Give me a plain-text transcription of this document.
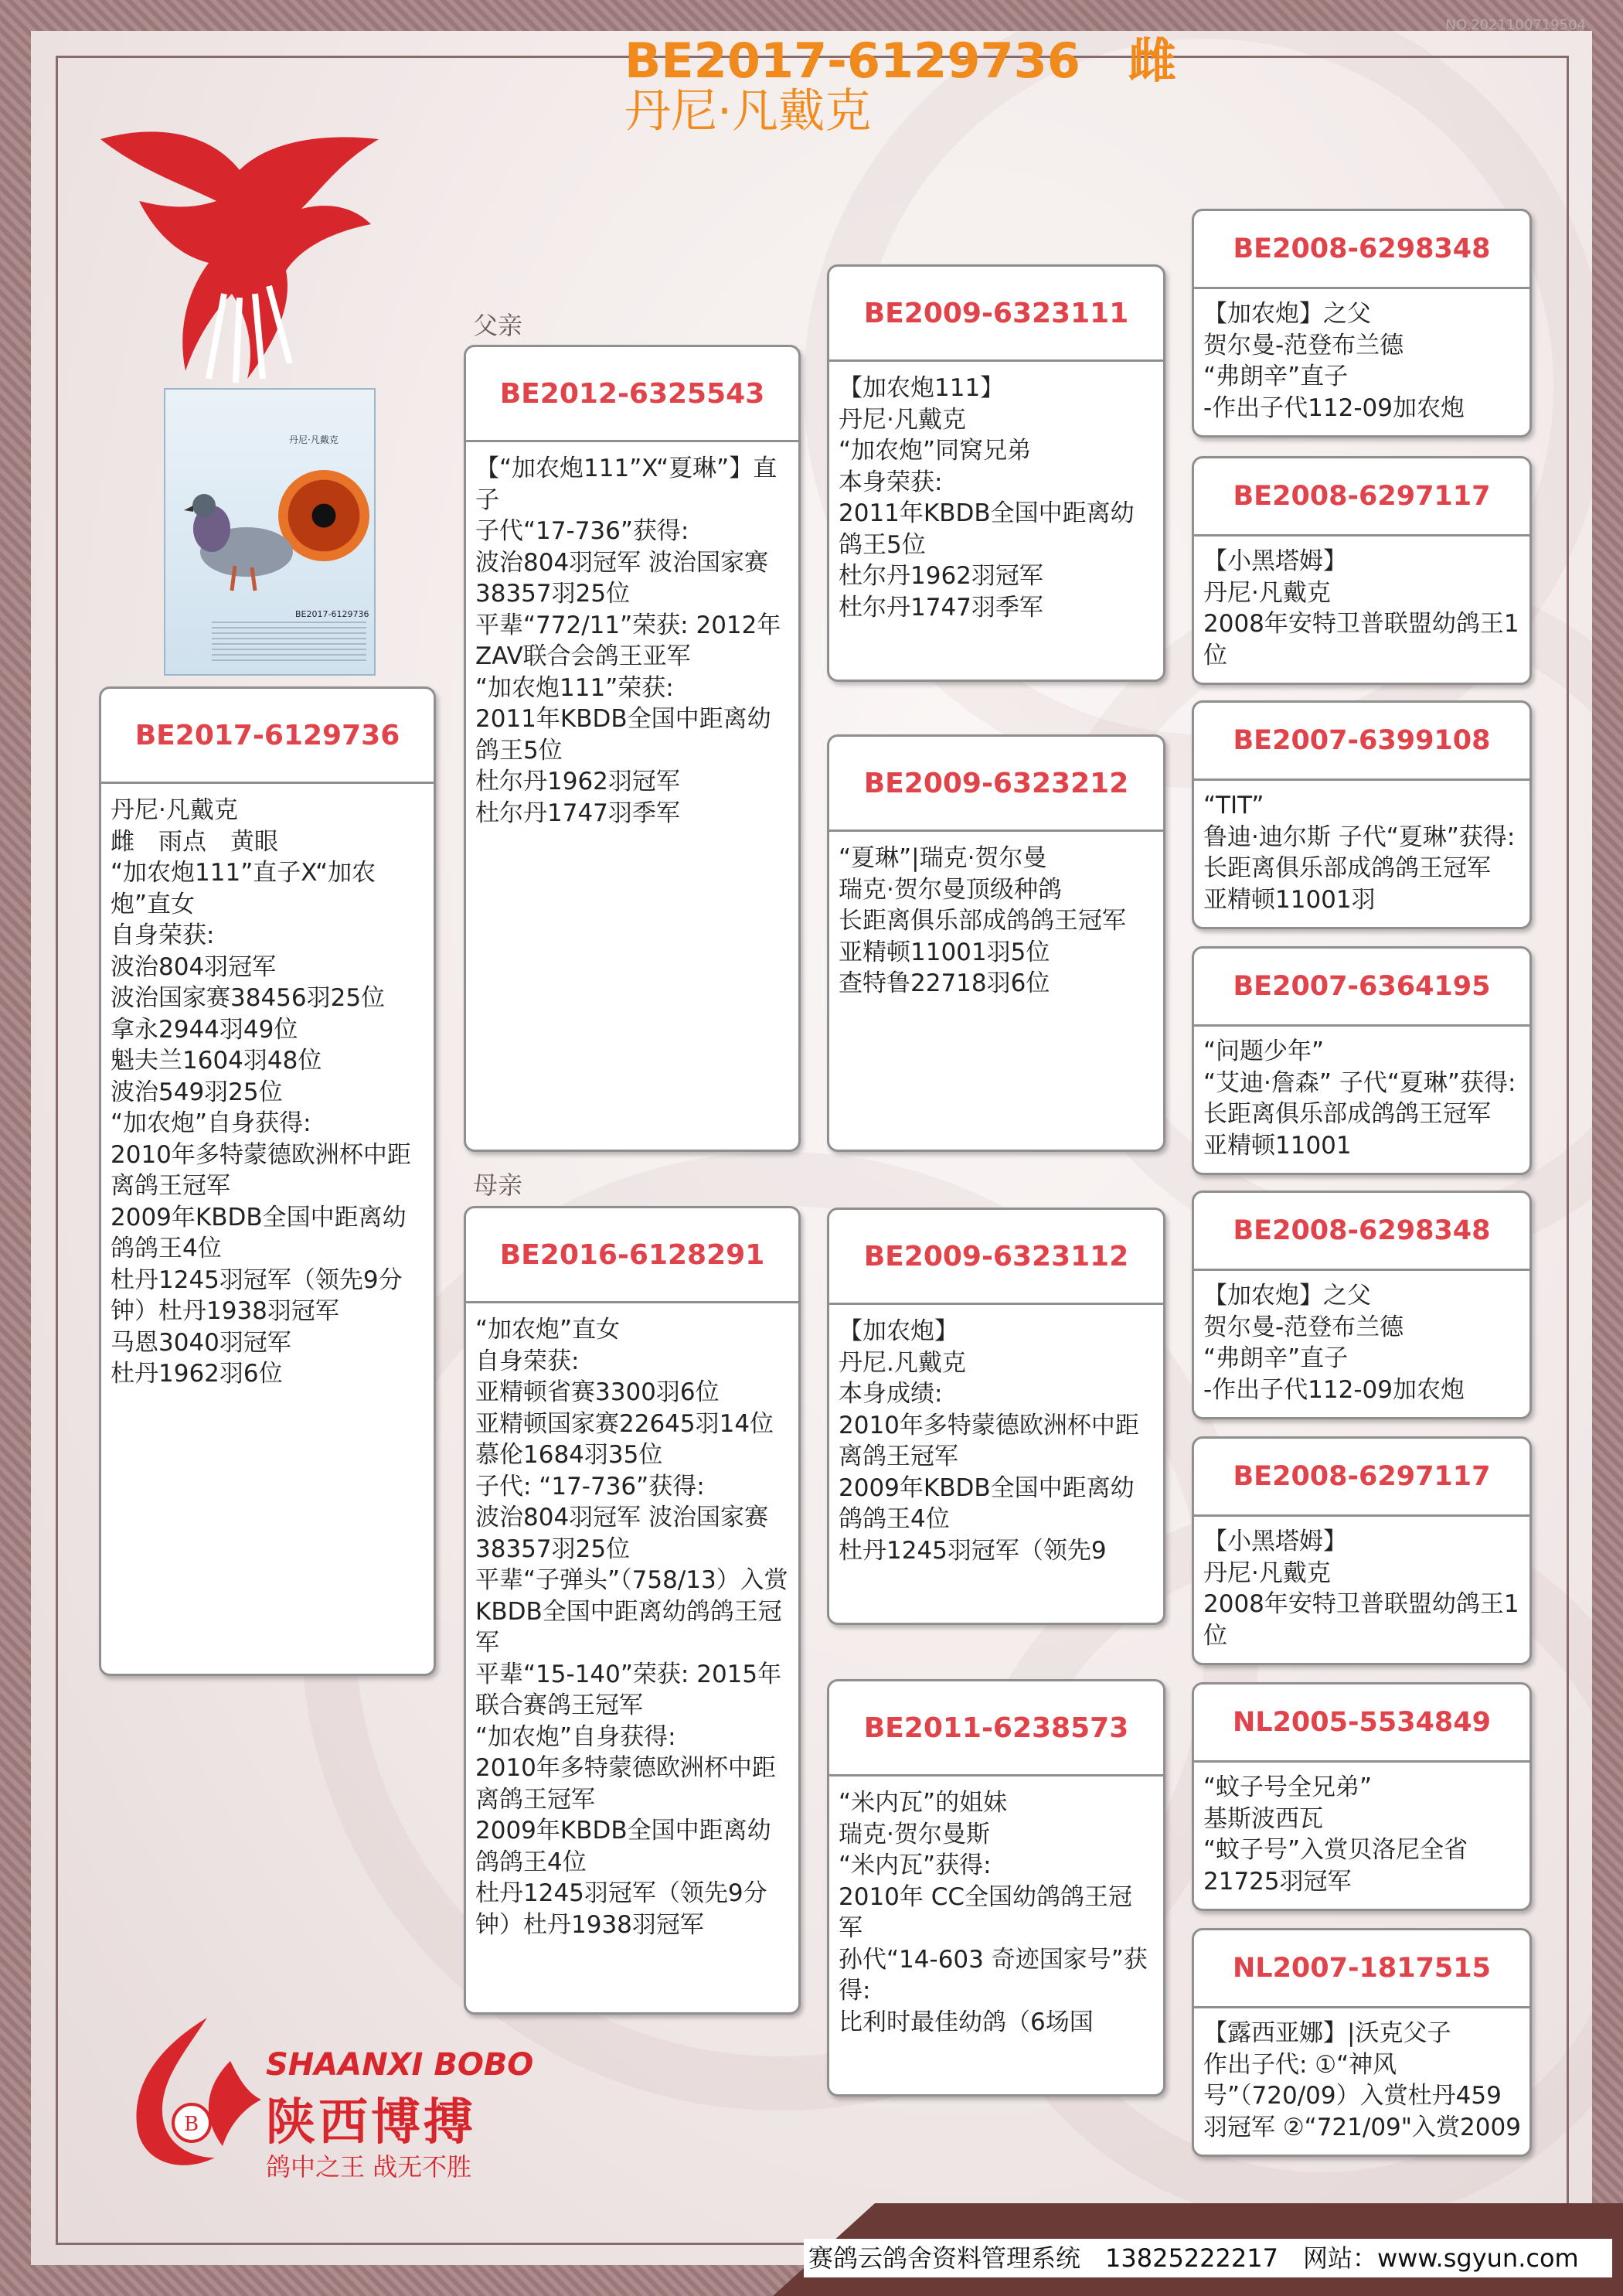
NO.2021100719504
丹尼·凡戴克
BE2017-6129736
BE2017-6129736　雌
丹尼·凡戴克
父亲
母亲
BE2017-6129736
丹尼·凡戴克
雌　雨点　黄眼
“加农炮111”直子X“加农炮”直女
自身荣获:
波治804羽冠军
波治国家赛38456羽25位
拿永2944羽49位
魁夫兰1604羽48位
波治549羽25位
“加农炮”自身获得:
2010年多特蒙德欧洲杯中距离鸽王冠军
2009年KBDB全国中距离幼鸽鸽王4位
杜丹1245羽冠军（领先9分钟）杜丹1938羽冠军
马恩3040羽冠军
杜丹1962羽6位
BE2012-6325543
【“加农炮111”X“夏琳”】直子
子代“17-736”获得:
波治804羽冠军 波治国家赛38357羽25位
平辈“772/11”荣获: 2012年ZAV联合会鸽王亚军
“加农炮111”荣获:
2011年KBDB全国中距离幼鸽王5位
杜尔丹1962羽冠军
杜尔丹1747羽季军
BE2016-6128291
“加农炮”直女
自身荣获:
亚精顿省赛3300羽6位
亚精顿国家赛22645羽14位
慕伦1684羽35位
子代: “17-736”获得:
波治804羽冠军 波治国家赛38357羽25位
平辈“子弹头”（758/13）入赏KBDB全国中距离幼鸽鸽王冠军
平辈“15-140”荣获: 2015年联合赛鸽王冠军
“加农炮”自身获得:
2010年多特蒙德欧洲杯中距离鸽王冠军
2009年KBDB全国中距离幼鸽鸽王4位
杜丹1245羽冠军（领先9分钟）杜丹1938羽冠军
BE2009-6323111
【加农炮111】
丹尼·凡戴克
“加农炮”同窝兄弟
本身荣获:
2011年KBDB全国中距离幼鸽王5位
杜尔丹1962羽冠军
杜尔丹1747羽季军
BE2009-6323212
“夏琳”|瑞克·贺尔曼
瑞克·贺尔曼顶级种鸽
长距离俱乐部成鸽鸽王冠军
亚精顿11001羽5位
查特鲁22718羽6位
BE2009-6323112
【加农炮】
丹尼.凡戴克
本身成绩:
2010年多特蒙德欧洲杯中距离鸽王冠军
2009年KBDB全国中距离幼鸽鸽王4位
杜丹1245羽冠军（领先9
BE2011-6238573
“米内瓦”的姐妹
瑞克·贺尔曼斯
“米内瓦”获得:
2010年 CC全国幼鸽鸽王冠军
孙代“14-603 奇迹国家号”获得:
比利时最佳幼鸽（6场国
BE2008-6298348
【加农炮】之父
贺尔曼-范登布兰德
“弗朗辛”直子
-作出子代112-09加农炮
BE2008-6297117
【小黑塔姆】
丹尼·凡戴克
2008年安特卫普联盟幼鸽王1位
BE2007-6399108
“TIT”
鲁迪·迪尔斯 子代“夏琳”获得: 长距离俱乐部成鸽鸽王冠军 亚精顿11001羽
BE2007-6364195
“问题少年”
“艾迪·詹森” 子代“夏琳”获得: 长距离俱乐部成鸽鸽王冠军 亚精顿11001
BE2008-6298348
【加农炮】之父
贺尔曼-范登布兰德
“弗朗辛”直子
-作出子代112-09加农炮
BE2008-6297117
【小黑塔姆】
丹尼·凡戴克
2008年安特卫普联盟幼鸽王1位
NL2005-5534849
“蚊子号全兄弟”
基斯波西瓦
“蚊子号”入赏贝洛尼全省21725羽冠军
NL2007-1817515
【露西亚娜】|沃克父子
作出子代: ①“神风号”（720/09）入赏杜丹459羽冠军 ②“721/09"入赏2009
B
SHAANXI BOBO
陕西博搏
鸽中之王 战无不胜
赛鸽云鸽舍资料管理系统　13825222217　网站：www.sgyun.com
